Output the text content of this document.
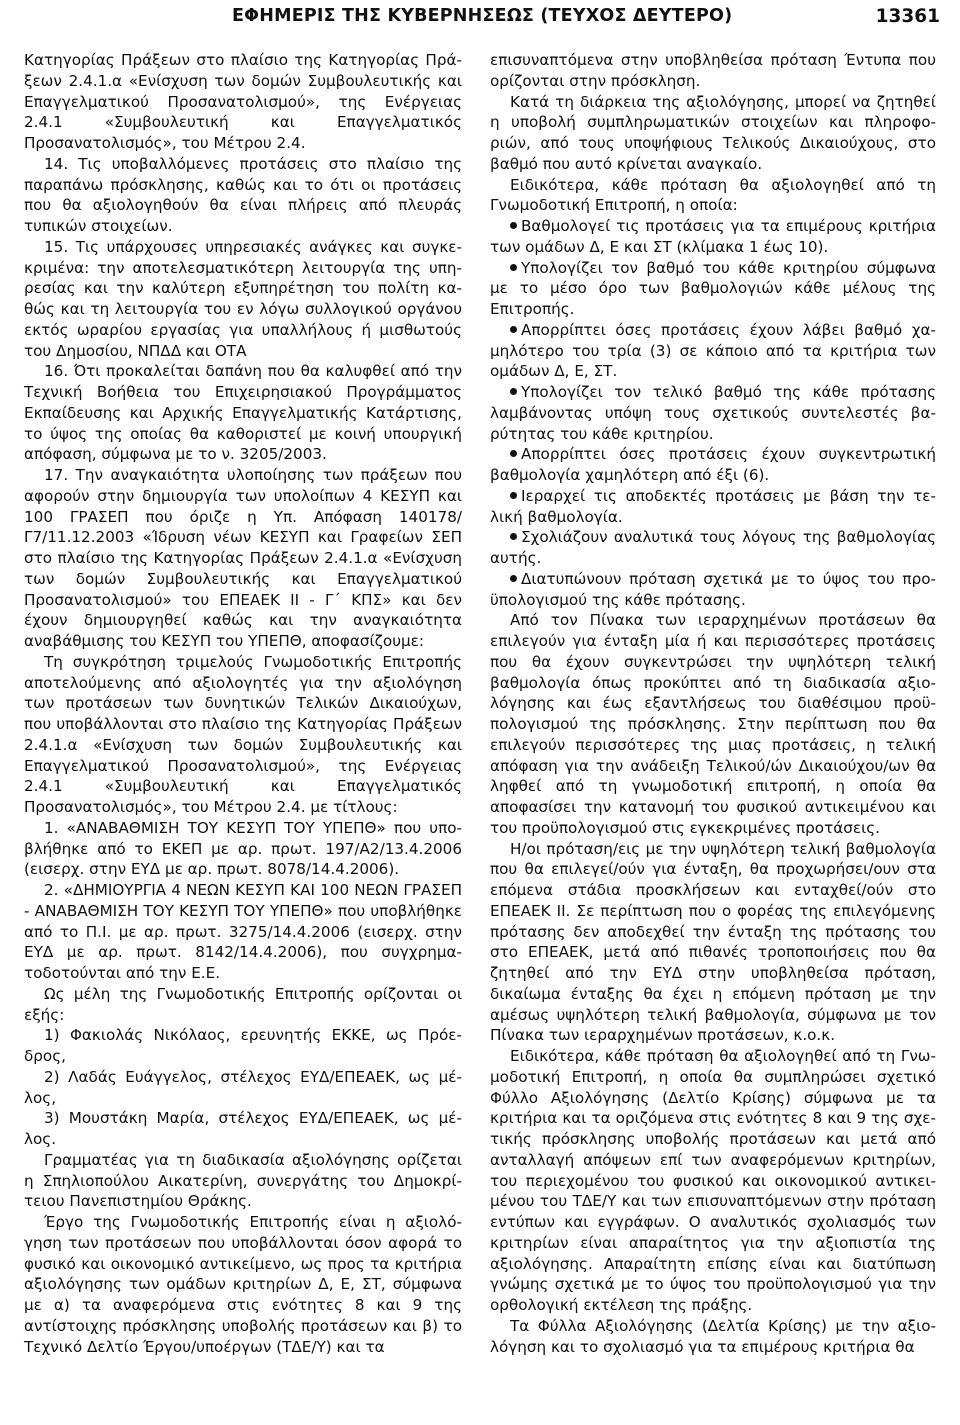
ΕΦΗΜΕΡΙΣ ΤΗΣ ΚΥΒΕΡΝΗΣΕΩΣ (ΤΕΥΧΟΣ ΔΕΥΤΕΡΟ)	13361

Κατηγορίας Πράξεων στο πλαίσιο της Κατηγορίας Πράξεων 2.4.1.α «Ενίσχυση των δομών Συμβουλευτικής και Επαγγελματικού Προσανατολισμού», της Ενέργειας 2.4.1 «Συμβουλευτική και Επαγγελματικός Προσανατολισμός», του Μέτρου 2.4.

14. Τις υποβαλλόμενες προτάσεις στο πλαίσιο της παραπάνω πρόσκλησης, καθώς και το ότι οι προτάσεις που θα αξιολογηθούν θα είναι πλήρεις από πλευράς τυπικών στοιχείων.

15. Τις υπάρχουσες υπηρεσιακές ανάγκες και συγκεκριμένα: την αποτελεσματικότερη λειτουργία της υπηρεσίας και την καλύτερη εξυπηρέτηση του πολίτη καθώς και τη λειτουργία του εν λόγω συλλογικού οργάνου εκτός ωραρίου εργασίας για υπαλλήλους ή μισθωτούς του Δημοσίου, ΝΠΔΔ και ΟΤΑ

16. Ότι προκαλείται δαπάνη που θα καλυφθεί από την Τεχνική Βοήθεια του Επιχειρησιακού Προγράμματος Εκπαίδευσης και Αρχικής Επαγγελματικής Κατάρτισης, το ύψος της οποίας θα καθοριστεί με κοινή υπουργική απόφαση, σύμφωνα με το ν. 3205/2003.

17. Την αναγκαιότητα υλοποίησης των πράξεων που αφορούν στην δημιουργία των υπολοίπων 4 ΚΕΣΥΠ και 100 ΓΡΑΣΕΠ που όριζε η Υπ. Απόφαση 140178/Γ7/11.12.2003 «Ίδρυση νέων ΚΕΣΥΠ και Γραφείων ΣΕΠ στο πλαίσιο της Κατηγορίας Πράξεων 2.4.1.α «Ενίσχυση των δομών Συμβουλευτικής και Επαγγελματικού Προσανατολισμού» του ΕΠΕΑΕΚ ΙΙ - Γ΄ ΚΠΣ» και δεν έχουν δημιουργηθεί καθώς και την αναγκαιότητα αναβάθμισης του ΚΕΣΥΠ του ΥΠΕΠΘ, αποφασίζουμε:

Τη συγκρότηση τριμελούς Γνωμοδοτικής Επιτροπής αποτελούμενης από αξιολογητές για την αξιολόγηση των προτάσεων των δυνητικών Τελικών Δικαιούχων, που υποβάλλονται στο πλαίσιο της Κατηγορίας Πράξεων 2.4.1.α «Ενίσχυση των δομών Συμβουλευτικής και Επαγγελματικού Προσανατολισμού», της Ενέργειας 2.4.1 «Συμβουλευτική και Επαγγελματικός Προσανατολισμός», του Μέτρου 2.4. με τίτλους:

1. «ΑΝΑΒΑΘΜΙΣΗ ΤΟΥ ΚΕΣΥΠ ΤΟΥ ΥΠΕΠΘ» που υποβλήθηκε από το ΕΚΕΠ με αρ. πρωτ. 197/Α2/13.4.2006 (εισερχ. στην ΕΥΔ με αρ. πρωτ. 8078/14.4.2006).

2. «ΔΗΜΙΟΥΡΓΙΑ 4 ΝΕΩΝ ΚΕΣΥΠ ΚΑΙ 100 ΝΕΩΝ ΓΡΑΣΕΠ - ΑΝΑΒΑΘΜΙΣΗ ΤΟΥ ΚΕΣΥΠ ΤΟΥ ΥΠΕΠΘ» που υποβλήθηκε από το Π.Ι. με αρ. πρωτ. 3275/14.4.2006 (εισερχ. στην ΕΥΔ με αρ. πρωτ. 8142/14.4.2006), που συγχρηματοδοτούνται από την Ε.Ε.

Ως μέλη της Γνωμοδοτικής Επιτροπής ορίζονται οι εξής:

1) Φακιολάς Νικόλαος, ερευνητής ΕΚΚΕ, ως Πρόεδρος,

2) Λαδάς Ευάγγελος, στέλεχος ΕΥΔ/ΕΠΕΑΕΚ, ως μέλος,

3) Μουστάκη Μαρία, στέλεχος ΕΥΔ/ΕΠΕΑΕΚ, ως μέλος.

Γραμματέας για τη διαδικασία αξιολόγησης ορίζεται η Σπηλιοπούλου Αικατερίνη, συνεργάτης του Δημοκρίτειου Πανεπιστημίου Θράκης.

Έργο της Γνωμοδοτικής Επιτροπής είναι η αξιολόγηση των προτάσεων που υποβάλλονται όσον αφορά το φυσικό και οικονομικό αντικείμενο, ως προς τα κριτήρια αξιολόγησης των ομάδων κριτηρίων Δ, Ε, ΣΤ, σύμφωνα με α) τα αναφερόμενα στις ενότητες 8 και 9 της αντίστοιχης πρόσκλησης υποβολής προτάσεων και β) το Τεχνικό Δελτίο Έργου/υποέργων (ΤΔΕ/Υ) και τα

επισυναπτόμενα στην υποβληθείσα πρόταση Έντυπα που ορίζονται στην πρόσκληση.

Κατά τη διάρκεια της αξιολόγησης, μπορεί να ζητηθεί η υποβολή συμπληρωματικών στοιχείων και πληροφοριών, από τους υποψήφιους Τελικούς Δικαιούχους, στο βαθμό που αυτό κρίνεται αναγκαίο.

Ειδικότερα, κάθε πρόταση θα αξιολογηθεί από τη Γνωμοδοτική Επιτροπή, η οποία:

Βαθμολογεί τις προτάσεις για τα επιμέρους κριτήρια των ομάδων Δ, Ε και ΣΤ (κλίμακα 1 έως 10).

Υπολογίζει τον βαθμό του κάθε κριτηρίου σύμφωνα με το μέσο όρο των βαθμολογιών κάθε μέλους της Επιτροπής.

Απορρίπτει όσες προτάσεις έχουν λάβει βαθμό χαμηλότερο του τρία (3) σε κάποιο από τα κριτήρια των ομάδων Δ, Ε, ΣΤ.

Υπολογίζει τον τελικό βαθμό της κάθε πρότασης λαμβάνοντας υπόψη τους σχετικούς συντελεστές βαρύτητας του κάθε κριτηρίου.

Απορρίπτει όσες προτάσεις έχουν συγκεντρωτική βαθμολογία χαμηλότερη από έξι (6).

Ιεραρχεί τις αποδεκτές προτάσεις με βάση την τελική βαθμολογία.

Σχολιάζουν αναλυτικά τους λόγους της βαθμολογίας αυτής.

Διατυπώνουν πρόταση σχετικά με το ύψος του προϋπολογισμού της κάθε πρότασης.

Από τον Πίνακα των ιεραρχημένων προτάσεων θα επιλεγούν για ένταξη μία ή και περισσότερες προτάσεις που θα έχουν συγκεντρώσει την υψηλότερη τελική βαθμολογία όπως προκύπτει από τη διαδικασία αξιολόγησης και έως εξαντλήσεως του διαθέσιμου προϋπολογισμού της πρόσκλησης. Στην περίπτωση που θα επιλεγούν περισσότερες της μιας προτάσεις, η τελική απόφαση για την ανάδειξη Τελικού/ών Δικαιούχου/ων θα ληφθεί από τη γνωμοδοτική επιτροπή, η οποία θα αποφασίσει την κατανομή του φυσικού αντικειμένου και του προϋπολογισμού στις εγκεκριμένες προτάσεις.

Η/οι πρόταση/εις με την υψηλότερη τελική βαθμολογία που θα επιλεγεί/ούν για ένταξη, θα προχωρήσει/ουν στα επόμενα στάδια προσκλήσεων και ενταχθεί/ούν στο ΕΠΕΑΕΚ ΙΙ. Σε περίπτωση που ο φορέας της επιλεγόμενης πρότασης δεν αποδεχθεί την ένταξη της πρότασης του στο ΕΠΕΑΕΚ, μετά από πιθανές τροποποιήσεις που θα ζητηθεί από την ΕΥΔ στην υποβληθείσα πρόταση, δικαίωμα ένταξης θα έχει η επόμενη πρόταση με την αμέσως υψηλότερη τελική βαθμολογία, σύμφωνα με τον Πίνακα των ιεραρχημένων προτάσεων, κ.ο.κ.

Ειδικότερα, κάθε πρόταση θα αξιολογηθεί από τη Γνωμοδοτική Επιτροπή, η οποία θα συμπληρώσει σχετικό Φύλλο Αξιολόγησης (Δελτίο Κρίσης) σύμφωνα με τα κριτήρια και τα οριζόμενα στις ενότητες 8 και 9 της σχετικής πρόσκλησης υποβολής προτάσεων και μετά από ανταλλαγή απόψεων επί των αναφερόμενων κριτηρίων, του περιεχομένου του φυσικού και οικονομικού αντικειμένου του ΤΔΕ/Υ και των επισυναπτόμενων στην πρόταση εντύπων και εγγράφων. Ο αναλυτικός σχολιασμός των κριτηρίων είναι απαραίτητος για την αξιοπιστία της αξιολόγησης. Απαραίτητη επίσης είναι και διατύπωση γνώμης σχετικά με το ύψος του προϋπολογισμού για την ορθολογική εκτέλεση της πράξης.

Τα Φύλλα Αξιολόγησης (Δελτία Κρίσης) με την αξιολόγηση και το σχολιασμό για τα επιμέρους κριτήρια θα
